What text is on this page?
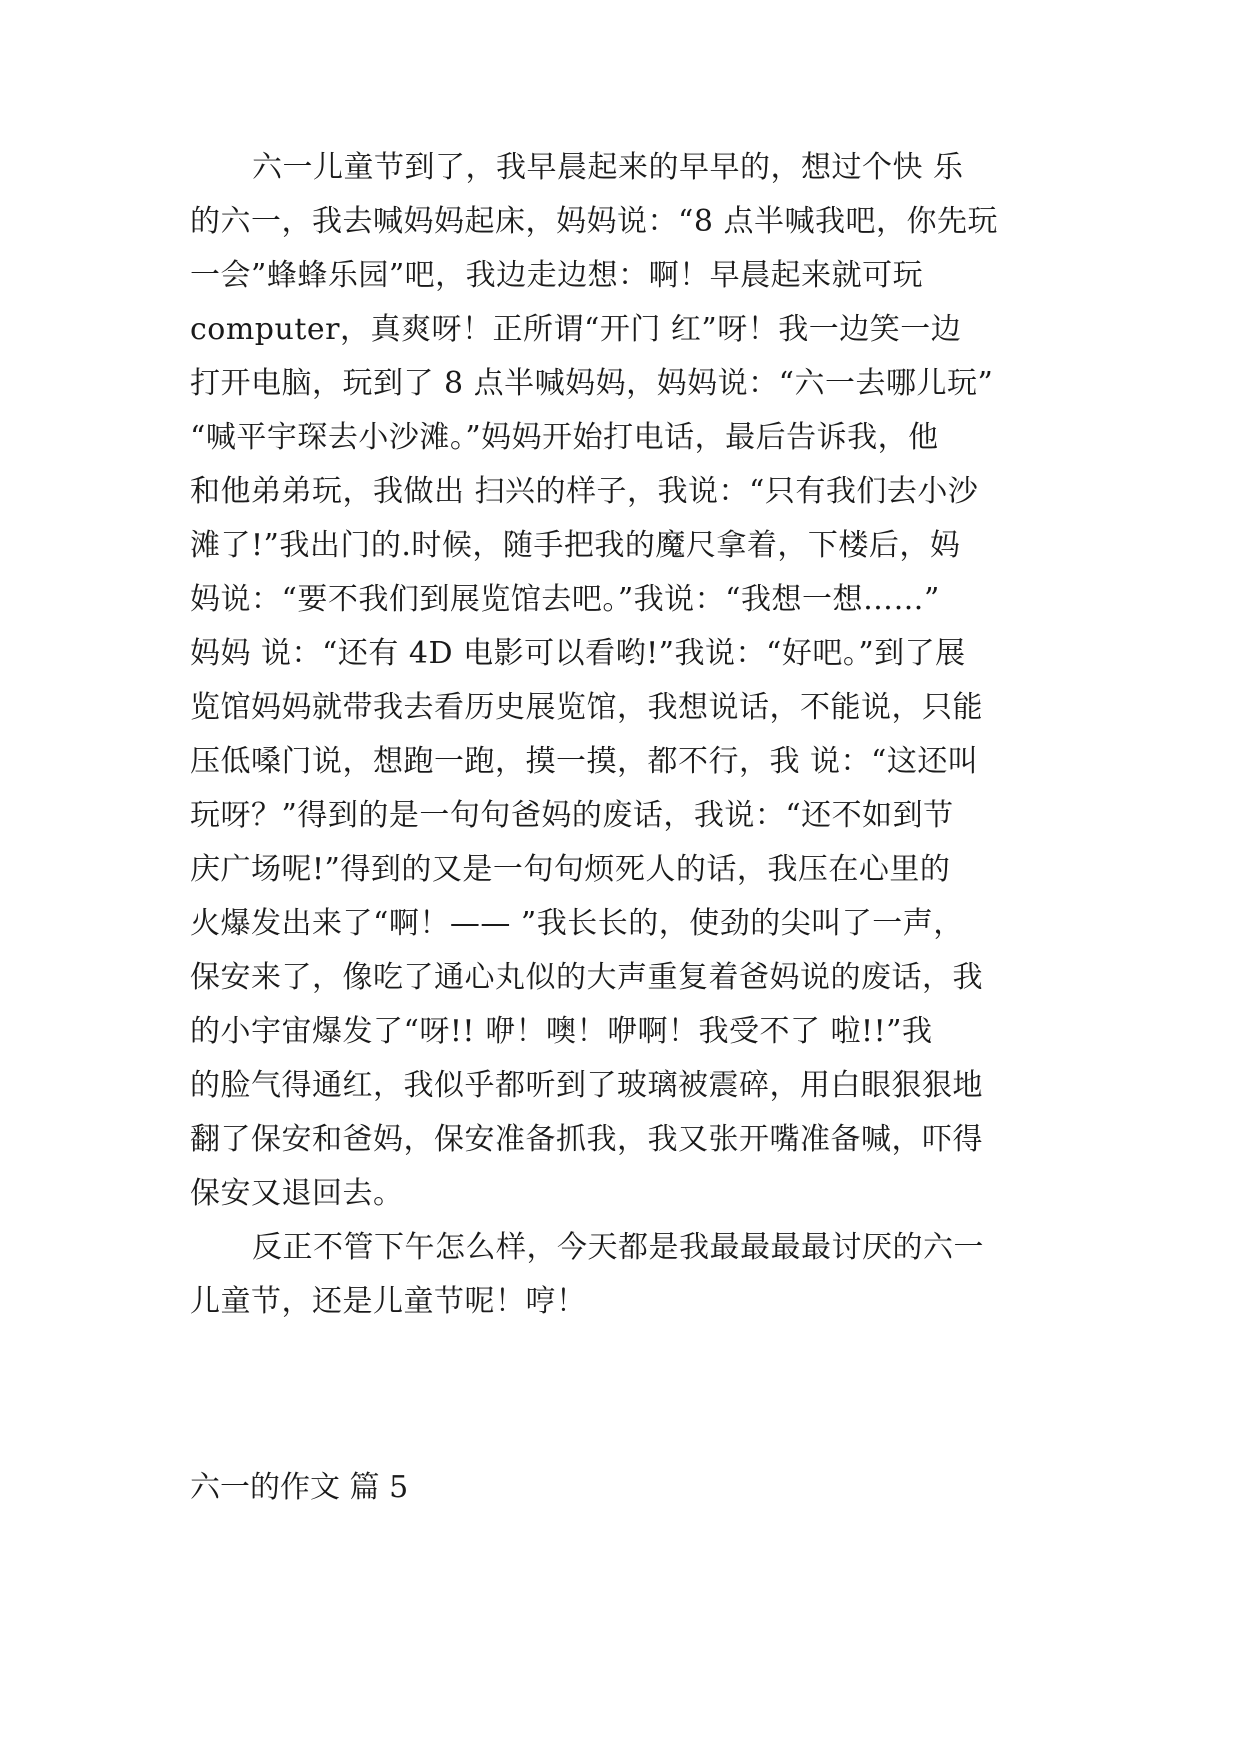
六一儿童节到了，我早晨起来的早早的，想过个快 乐

的六一，我去喊妈妈起床，妈妈说：“8 点半喊我吧，你先玩

一会”蜂蜂乐园”吧，我边走边想：啊！早晨起来就可玩

computer，真爽呀！正所谓“开门 红”呀！我一边笑一边

打开电脑，玩到了 8 点半喊妈妈，妈妈说：“六一去哪儿玩”

“喊平宇琛去小沙滩。”妈妈开始打电话，最后告诉我，他

和他弟弟玩，我做出 扫兴的样子，我说：“只有我们去小沙

滩了!”我出门的.时候，随手把我的魔尺拿着，下楼后，妈

妈说：“要不我们到展览馆去吧。”我说：“我想一想……”

妈妈 说：“还有 4D 电影可以看哟!”我说：“好吧。”到了展

览馆妈妈就带我去看历史展览馆，我想说话，不能说，只能

压低嗓门说，想跑一跑，摸一摸，都不行，我 说：“这还叫

玩呀？”得到的是一句句爸妈的废话，我说：“还不如到节

庆广场呢!”得到的又是一句句烦死人的话，我压在心里的

火爆发出来了“啊！—— ”我长长的，使劲的尖叫了一声，

保安来了，像吃了通心丸似的大声重复着爸妈说的废话，我

的小宇宙爆发了“呀!! 咿！噢！咿啊！我受不了 啦!!”我

的脸气得通红，我似乎都听到了玻璃被震碎，用白眼狠狠地

翻了保安和爸妈，保安准备抓我，我又张开嘴准备喊，吓得

保安又退回去。

反正不管下午怎么样，今天都是我最最最最讨厌的六一

儿童节，还是儿童节呢！哼！

六一的作文 篇 5
